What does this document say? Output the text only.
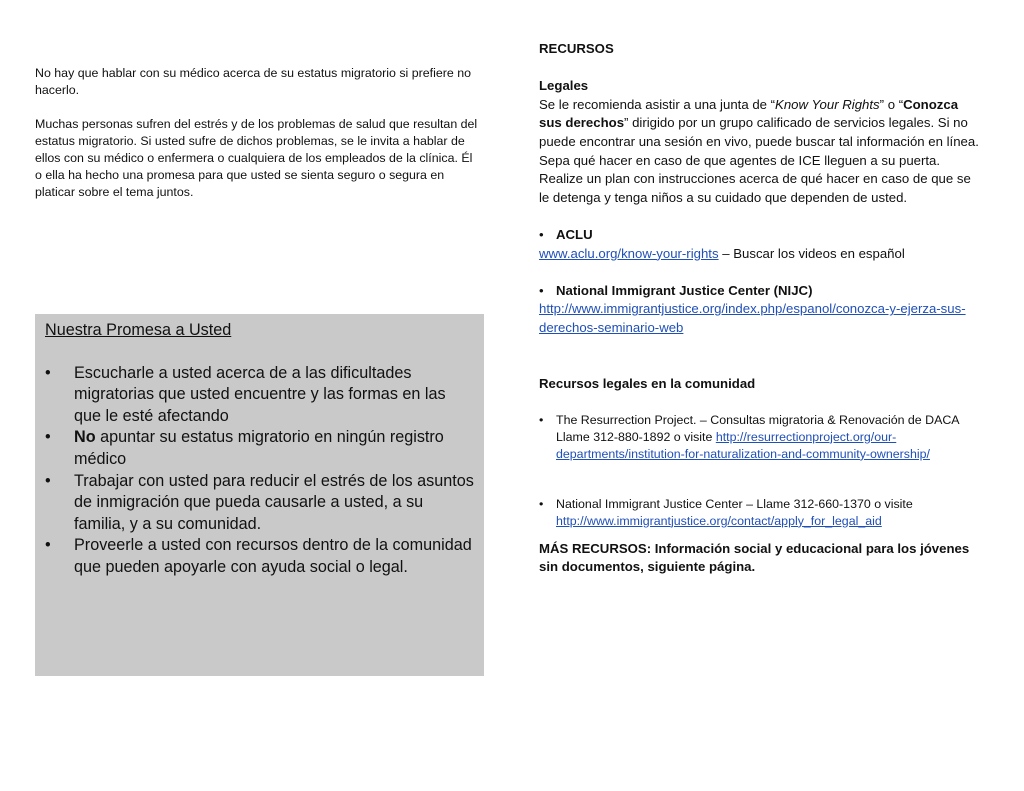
No hay que hablar con su médico acerca de su estatus migratorio si prefiere no hacerlo.

Muchas personas sufren del estrés y de los problemas de salud que resultan del estatus migratorio. Si usted sufre de dichos problemas, se le invita a hablar de ellos con su médico o enfermera o cualquiera de los empleados de la clínica. Él o ella ha hecho una promesa para que usted se sienta seguro o segura en platicar sobre el tema juntos.

Nuestra Promesa a Usted
• Escucharle a usted acerca de a las dificultades migratorias que usted encuentre y las formas en las que le esté afectando
• No apuntar su estatus migratorio en ningún registro médico
• Trabajar con usted para reducir el estrés de los asuntos de inmigración que pueda causarle a usted, a su familia, y a su comunidad.
• Proveerle a usted con recursos dentro de la comunidad que pueden apoyarle con ayuda social o legal.

RECURSOS

Legales

Se le recomienda asistir a una junta de “Know Your Rights” o “Conozca sus derechos” dirigido por un grupo calificado de servicios legales. Si no puede encontrar una sesión en vivo, puede buscar tal información en línea. Sepa qué hacer en caso de que agentes de ICE lleguen a su puerta. Realize un plan con instrucciones acerca de qué hacer en caso de que se le detenga y tenga niños a su cuidado que dependen de usted.

• ACLU

www.aclu.org/know-your-rights – Buscar los videos en español

• National Immigrant Justice Center (NIJC)

http://www.immigrantjustice.org/index.php/espanol/conozca-y-ejerza-sus-derechos-seminario-web

Recursos legales en la comunidad

• The Resurrection Project. – Consultas migratoria & Renovación de DACA Llame 312-880-1892 o visite http://resurrectionproject.org/our-departments/institution-for-naturalization-and-community-ownership/
• National Immigrant Justice Center – Llame 312-660-1370 o visite http://www.immigrantjustice.org/contact/apply_for_legal_aid

MÁS RECURSOS: Información social y educacional para los jóvenes sin documentos, siguiente página.
